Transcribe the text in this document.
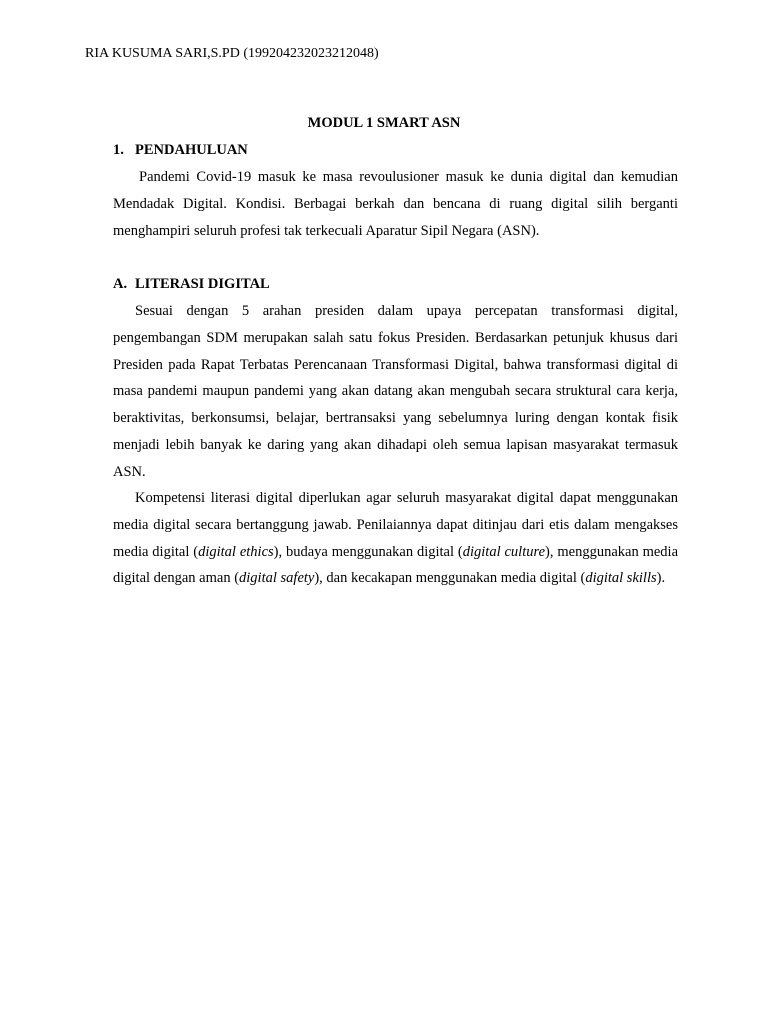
RIA KUSUMA SARI,S.PD (199204232023212048)
MODUL 1 SMART ASN
1. PENDAHULUAN

Pandemi Covid-19 masuk ke masa revoulusioner masuk ke dunia digital dan kemudian Mendadak Digital. Kondisi. Berbagai berkah dan bencana di ruang digital silih berganti menghampiri seluruh profesi tak terkecuali Aparatur Sipil Negara (ASN).

A. LITERASI DIGITAL

Sesuai dengan 5 arahan presiden dalam upaya percepatan transformasi digital, pengembangan SDM merupakan salah satu fokus Presiden. Berdasarkan petunjuk khusus dari Presiden pada Rapat Terbatas Perencanaan Transformasi Digital, bahwa transformasi digital di masa pandemi maupun pandemi yang akan datang akan mengubah secara struktural cara kerja, beraktivitas, berkonsumsi, belajar, bertransaksi yang sebelumnya luring dengan kontak fisik menjadi lebih banyak ke daring yang akan dihadapi oleh semua lapisan masyarakat termasuk ASN.

Kompetensi literasi digital diperlukan agar seluruh masyarakat digital dapat menggunakan media digital secara bertanggung jawab. Penilaiannya dapat ditinjau dari etis dalam mengakses media digital (digital ethics), budaya menggunakan digital (digital culture), menggunakan media digital dengan aman (digital safety), dan kecakapan menggunakan media digital (digital skills).
